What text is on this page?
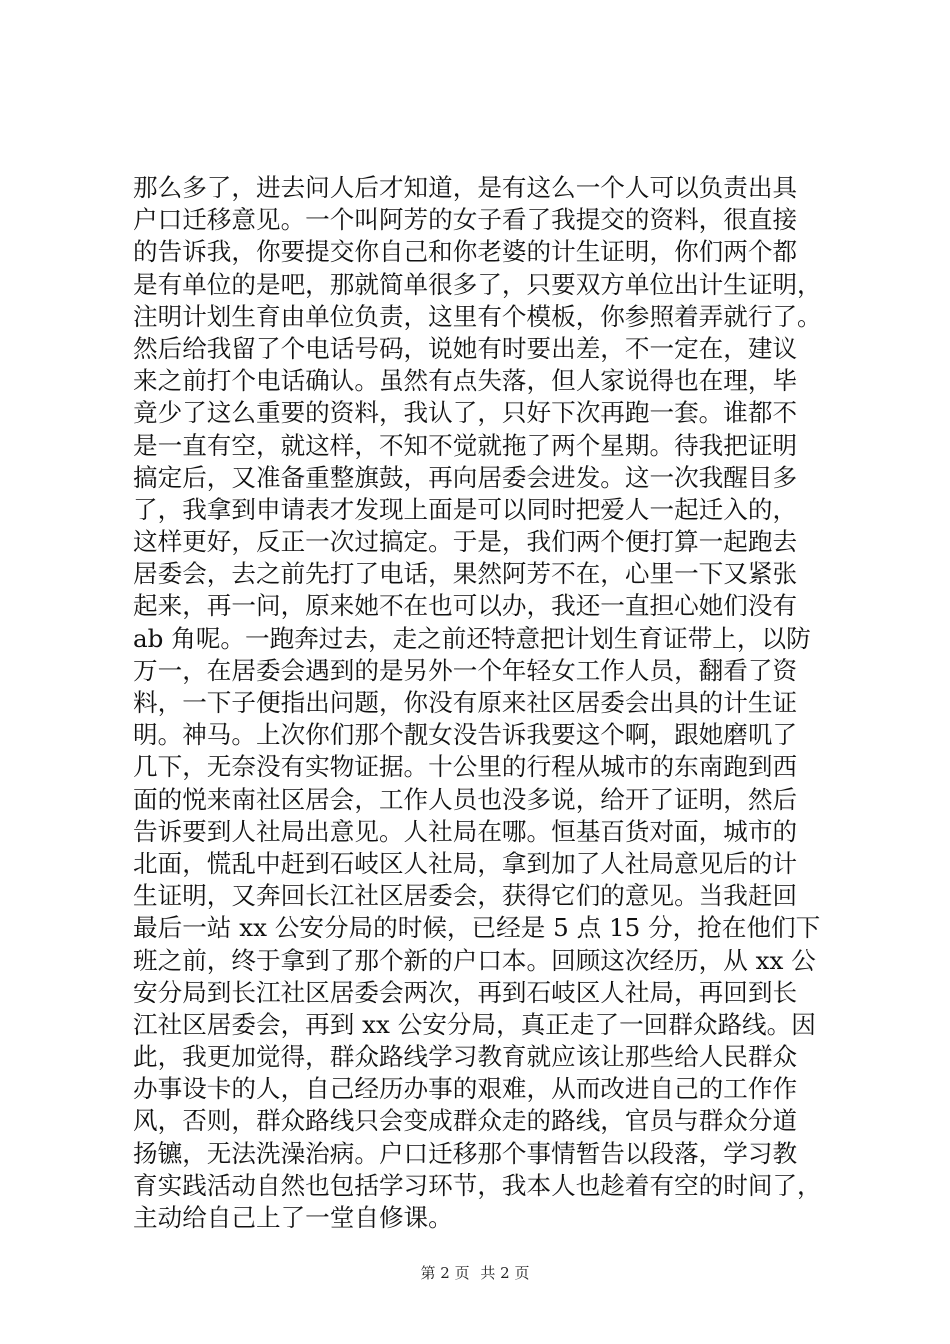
那么多了，进去问人后才知道，是有这么一个人可以负责出具
户口迁移意见。一个叫阿芳的女子看了我提交的资料，很直接
的告诉我，你要提交你自己和你老婆的计生证明，你们两个都
是有单位的是吧，那就简单很多了，只要双方单位出计生证明，
注明计划生育由单位负责，这里有个模板，你参照着弄就行了。
然后给我留了个电话号码，说她有时要出差，不一定在，建议
来之前打个电话确认。虽然有点失落，但人家说得也在理，毕
竟少了这么重要的资料，我认了，只好下次再跑一套。谁都不
是一直有空，就这样，不知不觉就拖了两个星期。待我把证明
搞定后，又准备重整旗鼓，再向居委会进发。这一次我醒目多
了，我拿到申请表才发现上面是可以同时把爱人一起迁入的，
这样更好，反正一次过搞定。于是，我们两个便打算一起跑去
居委会，去之前先打了电话，果然阿芳不在，心里一下又紧张
起来，再一问，原来她不在也可以办，我还一直担心她们没有
ab 角呢。一跑奔过去，走之前还特意把计划生育证带上，以防
万一，在居委会遇到的是另外一个年轻女工作人员，翻看了资
料，一下子便指出问题，你没有原来社区居委会出具的计生证
明。神马。上次你们那个靓女没告诉我要这个啊，跟她磨叽了
几下，无奈没有实物证据。十公里的行程从城市的东南跑到西
面的悦来南社区居会，工作人员也没多说，给开了证明，然后
告诉要到人社局出意见。人社局在哪。恒基百货对面，城市的
北面，慌乱中赶到石岐区人社局，拿到加了人社局意见后的计
生证明，又奔回长江社区居委会，获得它们的意见。当我赶回
最后一站 xx 公安分局的时候，已经是 5 点 15 分，抢在他们下
班之前，终于拿到了那个新的户口本。回顾这次经历，从 xx 公
安分局到长江社区居委会两次，再到石岐区人社局，再回到长
江社区居委会，再到 xx 公安分局，真正走了一回群众路线。因
此，我更加觉得，群众路线学习教育就应该让那些给人民群众
办事设卡的人，自己经历办事的艰难，从而改进自己的工作作
风，否则，群众路线只会变成群众走的路线，官员与群众分道
扬镳，无法洗澡治病。户口迁移那个事情暂告以段落，学习教
育实践活动自然也包括学习环节，我本人也趁着有空的时间了，
主动给自己上了一堂自修课。
第 2 页 共 2 页
